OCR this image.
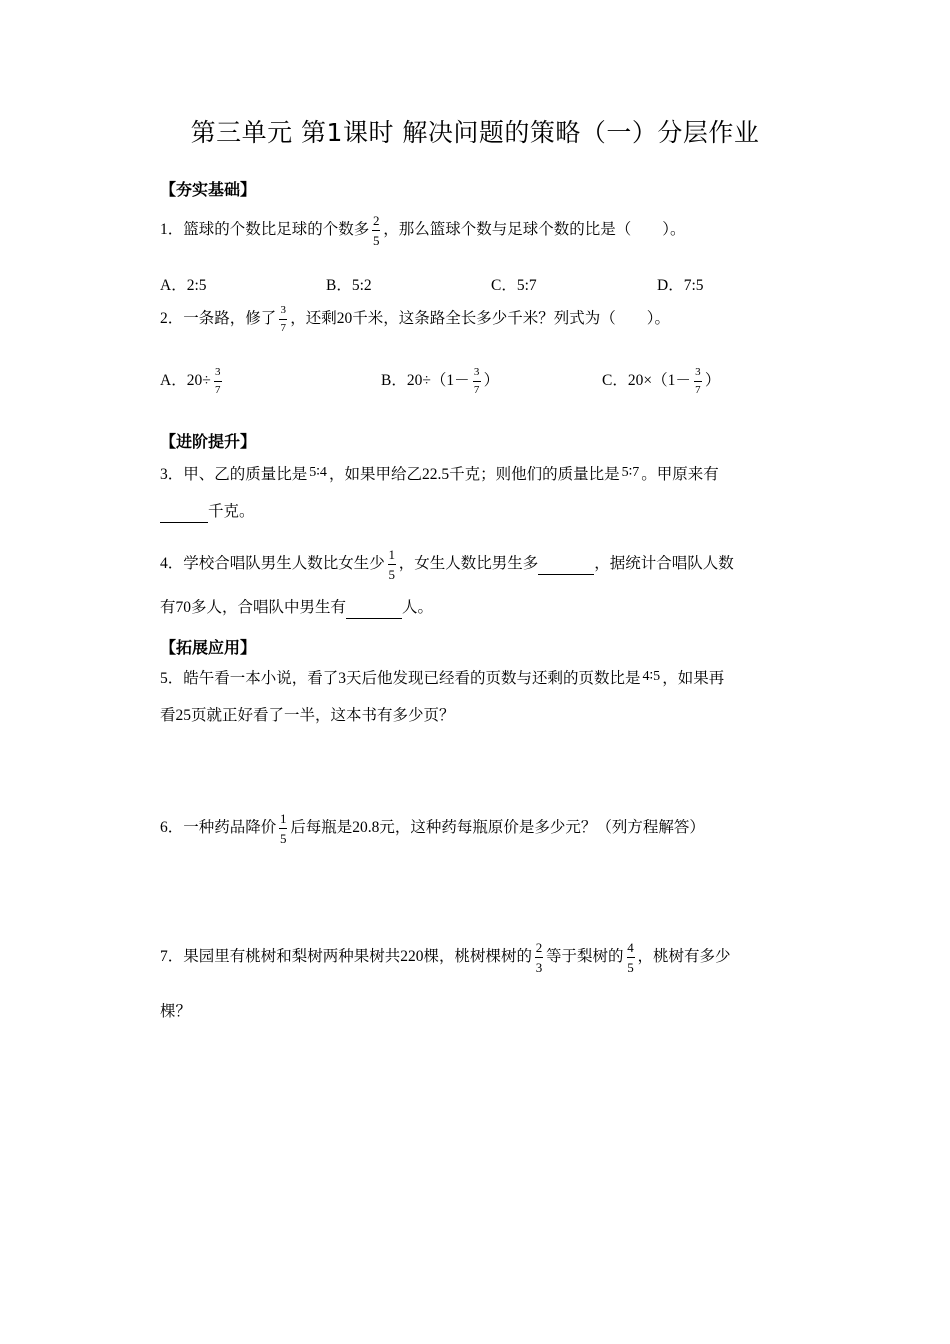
第三单元 第1课时 解决问题的策略（一）分层作业
【夯实基础】
1．篮球的个数比足球的个数多 $\frac{2}{5}$ ，那么篮球个数与足球个数的比是（　　）。
A．2:5	B．5:2	C．5:7	D．7:5
2．一条路，修了 $\frac{3}{7}$ ，还剩20千米，这条路全长多少千米？列式为（　　）。
A．$20\div \frac{3}{7}$	B．$20\div(1- \frac{3}{7}$ ）	C．$20\times(1- \frac{3}{7}$ ）
【进阶提升】
3．甲、乙的质量比是 5∶4 ，如果甲给乙22.5千克；则他们的质量比是 5∶7 。甲原来有
千克。
4．学校合唱队男生人数比女生少 $\frac{1}{5}$ ，女生人数比男生多	，据统计合唱队人数
有70多人，合唱队中男生有	人。
【拓展应用】
5．皓午看一本小说，看了3天后他发现已经看的页数与还剩的页数比是 4∶5 ，如果再
看25页就正好看了一半，这本书有多少页？
6．一种药品降价 $\frac{1}{5}$ 后每瓶是20.8元，这种药每瓶原价是多少元？（列方程解答）
7．果园里有桃树和梨树两种果树共220棵，桃树棵树的 $\frac{2}{3}$ 等于梨树的 $\frac{4}{5}$ ，桃树有多少
棵？
